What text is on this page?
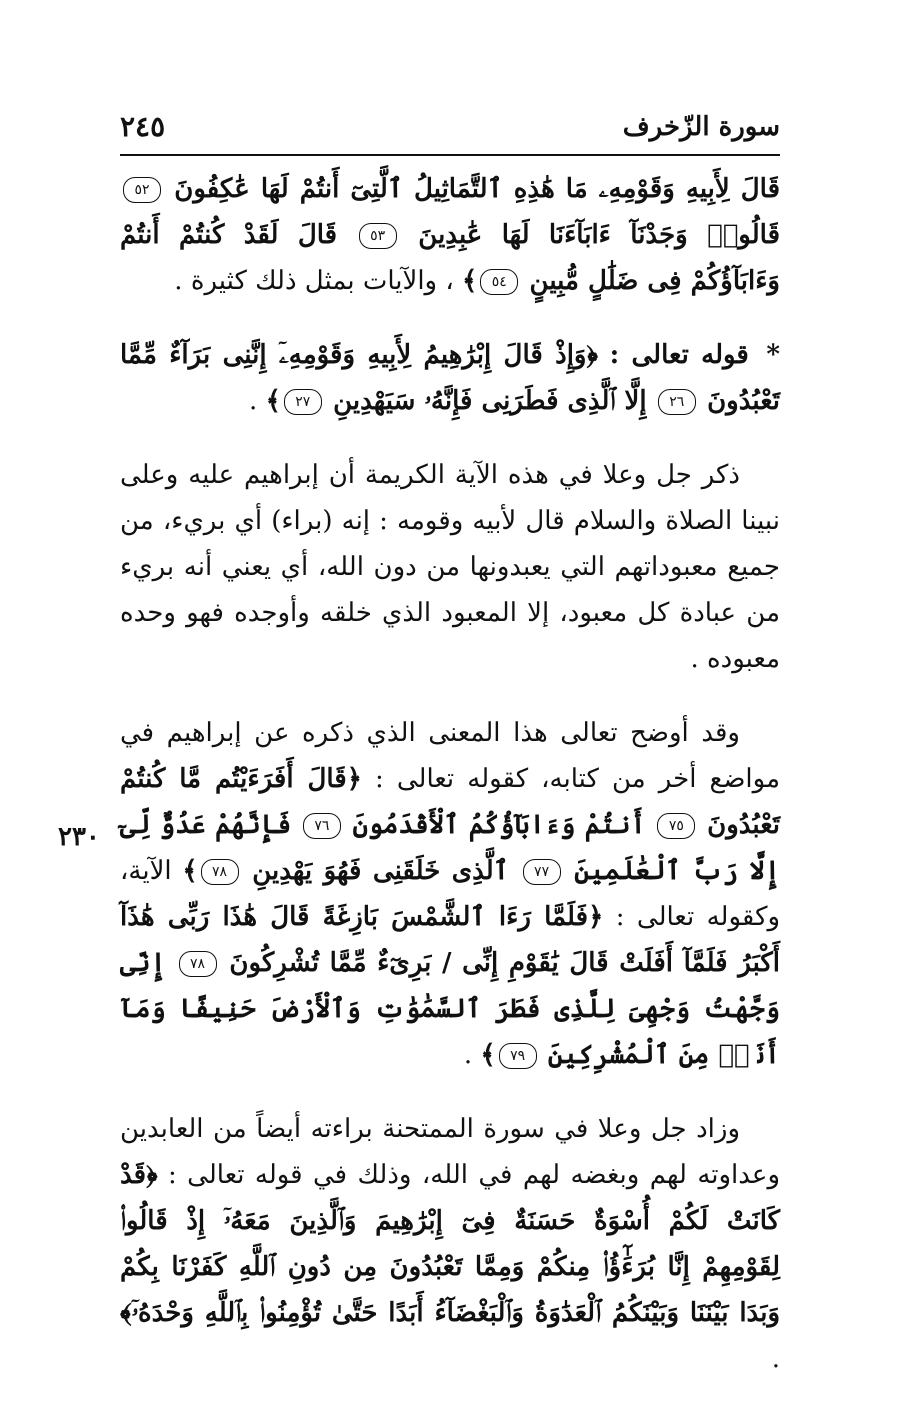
سورة الزّخرف
٢٤٥
٢٣٠

قَالَ لِأَبِيهِ وَقَوْمِهِۦ مَا هَٰذِهِ ٱلتَّمَاثِيلُ ٱلَّتِىٓ أَنتُمْ لَهَا عَٰكِفُونَ ٥٢ قَالُوا۟ وَجَدْنَآ ءَابَآءَنَا لَهَا عَٰبِدِينَ ٥٣ قَالَ لَقَدْ كُنتُمْ أَنتُمْ وَءَابَآؤُكُمْ فِى ضَلَٰلٍ مُّبِينٍ ٥٤﴾ ، والآيات بمثل ذلك كثيرة .

* قوله تعالى : ﴿وَإِذْ قَالَ إِبْرَٰهِيمُ لِأَبِيهِ وَقَوْمِهِۦٓ إِنَّنِى بَرَآءٌ مِّمَّا تَعْبُدُونَ ٢٦ إِلَّا ٱلَّذِى فَطَرَنِى فَإِنَّهُۥ سَيَهْدِينِ ٢٧﴾ .

ذكر جل وعلا في هذه الآية الكريمة أن إبراهيم عليه وعلى نبينا الصلاة والسلام قال لأبيه وقومه : إنه (براء) أي بريء، من جميع معبوداتهم التي يعبدونها من دون الله، أي يعني أنه بريء من عبادة كل معبود، إلا المعبود الذي خلقه وأوجده فهو وحده معبوده .

وقد أوضح تعالى هذا المعنى الذي ذكره عن إبراهيم في مواضع أخر من كتابه، كقوله تعالى : ﴿قَالَ أَفَرَءَيْتُم مَّا كُنتُمْ تَعْبُدُونَ ٧٥ أَنتُمْ وَءَابَآؤُكُمُ ٱلْأَقْدَمُونَ ٧٦ فَإِنَّهُمْ عَدُوٌّ لِّىٓ إِلَّا رَبَّ ٱلْعَٰلَمِينَ ٧٧ ٱلَّذِى خَلَقَنِى فَهُوَ يَهْدِينِ ٧٨﴾ الآية، وكقوله تعالى : ﴿فَلَمَّا رَءَا ٱلشَّمْسَ بَازِغَةً قَالَ هَٰذَا رَبِّى هَٰذَآ أَكْبَرُ فَلَمَّآ أَفَلَتْ قَالَ يَٰقَوْمِ إِنِّى / بَرِىٓءٌ مِّمَّا تُشْرِكُونَ ٧٨ إِنِّى وَجَّهْتُ وَجْهِىَ لِلَّذِى فَطَرَ ٱلسَّمَٰوَٰتِ وَٱلْأَرْضَ حَنِيفًا وَمَآ أَنَا۠ مِنَ ٱلْمُشْرِكِينَ ٧٩﴾ .

وزاد جل وعلا في سورة الممتحنة براءته أيضاً من العابدين وعداوته لهم وبغضه لهم في الله، وذلك في قوله تعالى : ﴿قَدْ كَانَتْ لَكُمْ أُسْوَةٌ حَسَنَةٌ فِىٓ إِبْرَٰهِيمَ وَٱلَّذِينَ مَعَهُۥٓ إِذْ قَالُوا۟ لِقَوْمِهِمْ إِنَّا بُرَءَٰٓؤُا۟ مِنكُمْ وَمِمَّا تَعْبُدُونَ مِن دُونِ ٱللَّهِ كَفَرْنَا بِكُمْ وَبَدَا بَيْنَنَا وَبَيْنَكُمُ ٱلْعَدَٰوَةُ وَٱلْبَغْضَآءُ أَبَدًا حَتَّىٰ تُؤْمِنُوا۟ بِٱللَّهِ وَحْدَهُۥٓ﴾ .
